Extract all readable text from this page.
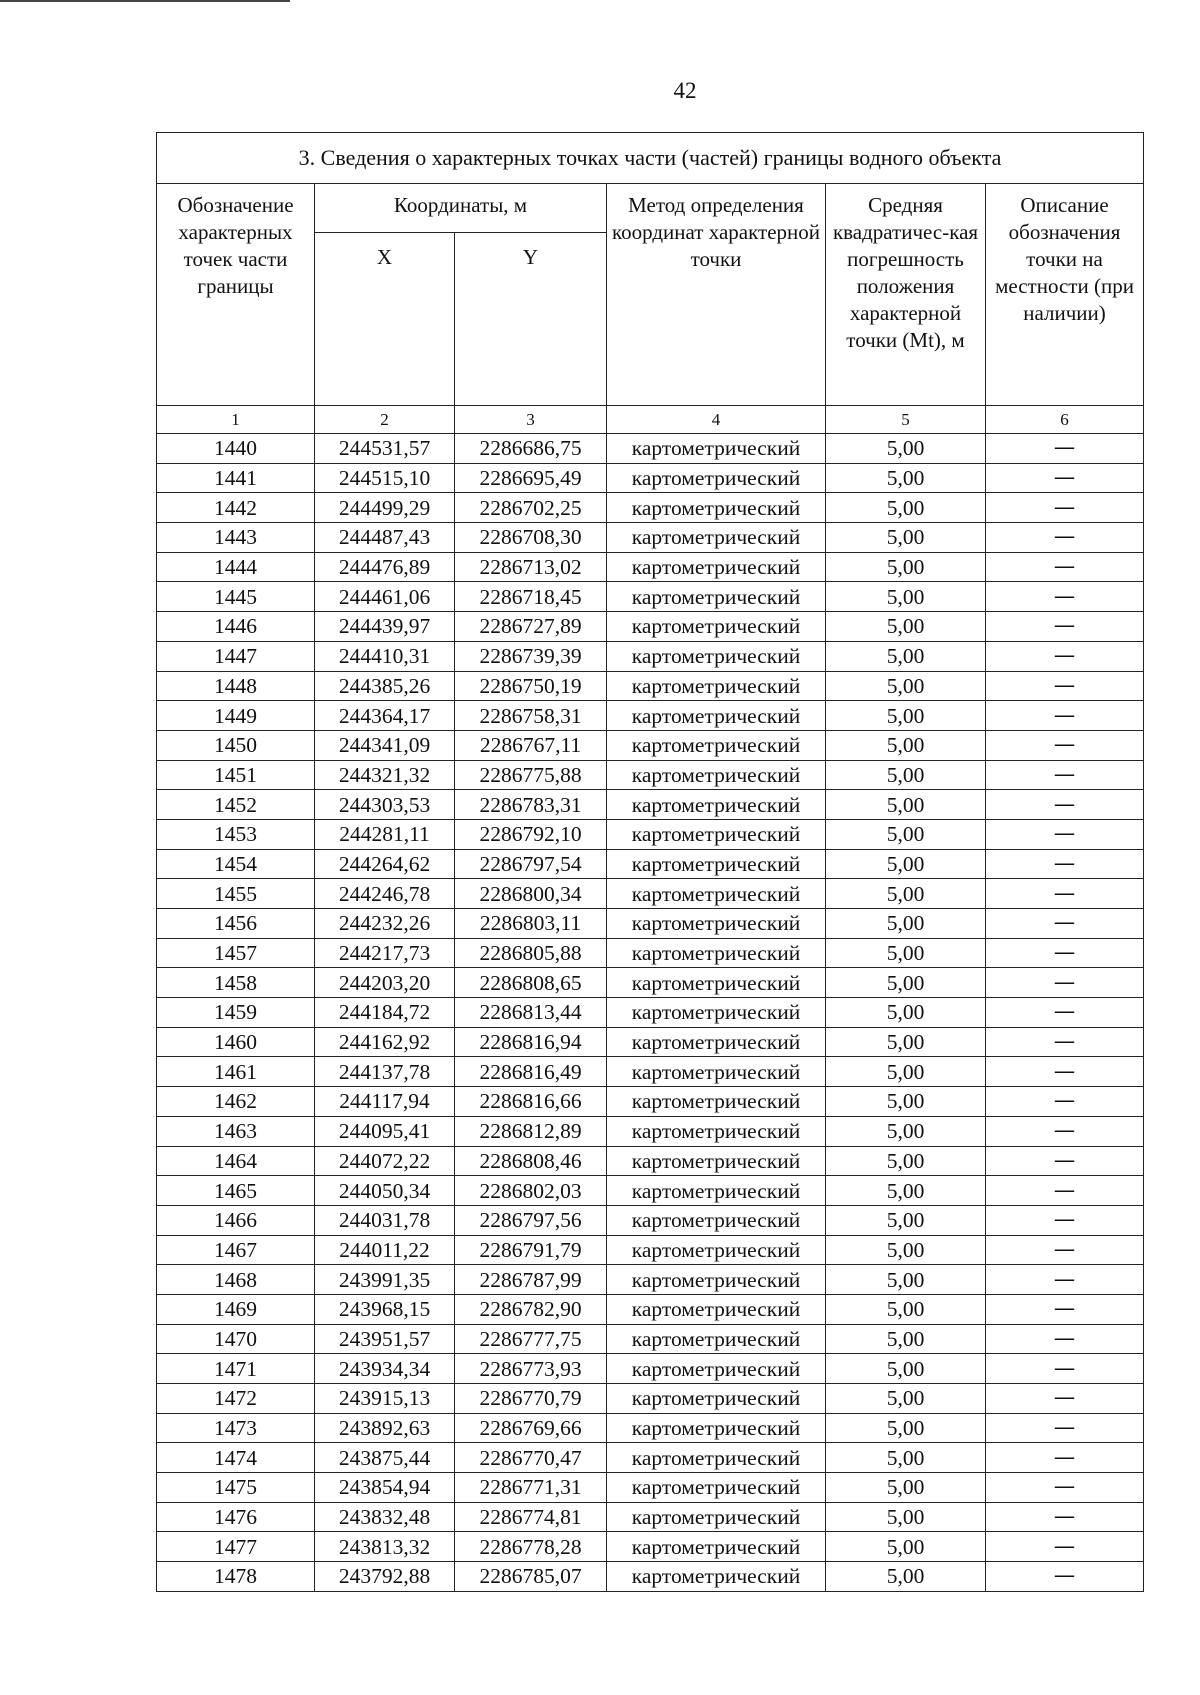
42
3. Сведения о характерных точках части (частей) границы водного объекта					
Обозначение характерных точек части границы	Координаты, м		Метод определения координат характерной точки	Средняя квадратичес-кая погрешность положения характерной точки (Mt), м	Описание обозначения точки на местности (при наличии)
	X	Y			
1	2	3	4	5	6
1440	244531,57	2286686,75	картометрический	5,00	—
1441	244515,10	2286695,49	картометрический	5,00	—
1442	244499,29	2286702,25	картометрический	5,00	—
1443	244487,43	2286708,30	картометрический	5,00	—
1444	244476,89	2286713,02	картометрический	5,00	—
1445	244461,06	2286718,45	картометрический	5,00	—
1446	244439,97	2286727,89	картометрический	5,00	—
1447	244410,31	2286739,39	картометрический	5,00	—
1448	244385,26	2286750,19	картометрический	5,00	—
1449	244364,17	2286758,31	картометрический	5,00	—
1450	244341,09	2286767,11	картометрический	5,00	—
1451	244321,32	2286775,88	картометрический	5,00	—
1452	244303,53	2286783,31	картометрический	5,00	—
1453	244281,11	2286792,10	картометрический	5,00	—
1454	244264,62	2286797,54	картометрический	5,00	—
1455	244246,78	2286800,34	картометрический	5,00	—
1456	244232,26	2286803,11	картометрический	5,00	—
1457	244217,73	2286805,88	картометрический	5,00	—
1458	244203,20	2286808,65	картометрический	5,00	—
1459	244184,72	2286813,44	картометрический	5,00	—
1460	244162,92	2286816,94	картометрический	5,00	—
1461	244137,78	2286816,49	картометрический	5,00	—
1462	244117,94	2286816,66	картометрический	5,00	—
1463	244095,41	2286812,89	картометрический	5,00	—
1464	244072,22	2286808,46	картометрический	5,00	—
1465	244050,34	2286802,03	картометрический	5,00	—
1466	244031,78	2286797,56	картометрический	5,00	—
1467	244011,22	2286791,79	картометрический	5,00	—
1468	243991,35	2286787,99	картометрический	5,00	—
1469	243968,15	2286782,90	картометрический	5,00	—
1470	243951,57	2286777,75	картометрический	5,00	—
1471	243934,34	2286773,93	картометрический	5,00	—
1472	243915,13	2286770,79	картометрический	5,00	—
1473	243892,63	2286769,66	картометрический	5,00	—
1474	243875,44	2286770,47	картометрический	5,00	—
1475	243854,94	2286771,31	картометрический	5,00	—
1476	243832,48	2286774,81	картометрический	5,00	—
1477	243813,32	2286778,28	картометрический	5,00	—
1478	243792,88	2286785,07	картометрический	5,00	—
